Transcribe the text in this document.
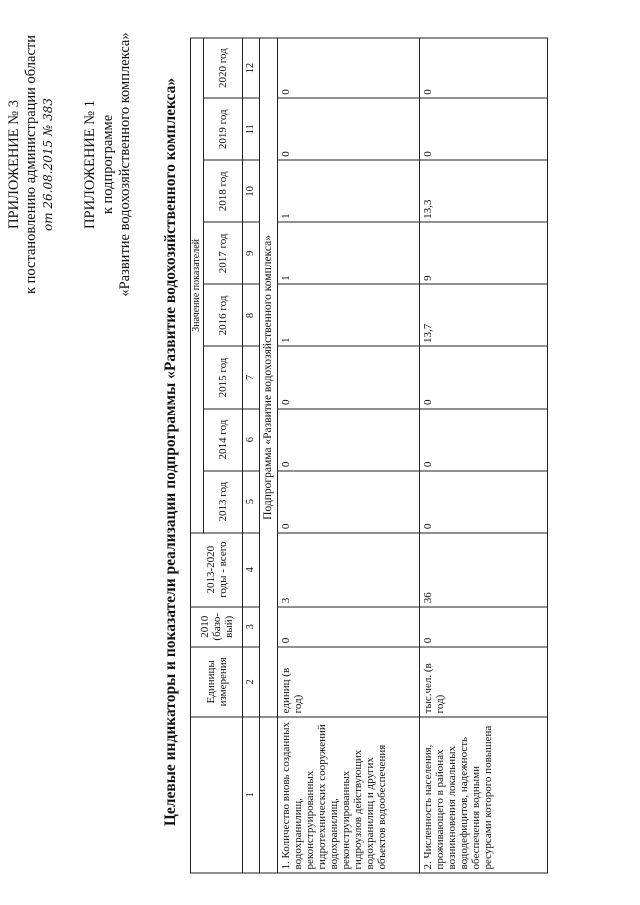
ПРИЛОЖЕНИЕ № 3 к постановлению администрации области от 26.08.2015 № 383 ПРИЛОЖЕНИЕ № 1 к подпрограмме «Развитие водохозяйственного комплекса» Целевые индикаторы и показатели реализации подпрограммы «Развитие водохозяйственного комплекса»
	Единицы измерения	2010 (базо-вый)	2013-2020 годы - всего	Значение показателей							
				2013 год	2014 год	2015 год	2016 год	2017 год	2018 год	2019 год	2020 год
1	2	3	4	5	6	7	8	9	10	11	12
	Подпрограмма «Развитие водохозяйственного комплекса»										
1. Количество вновь созданных водохранилищ, реконструированных гидротехнических сооружений водохранилищ, реконструированных гидроузлов действующих водохранилищ и других объектов водообеспечения	единиц (в год)	0	3	0	0	0	1	1	1	0	0
2. Численность населения, проживающего в районах возникновения локальных вододефицитов, надежность обеспечения водными ресурсами которого повышена	тыс.чел. (в год)	0	36	0	0	0	13,7	9	13,3	0	0
